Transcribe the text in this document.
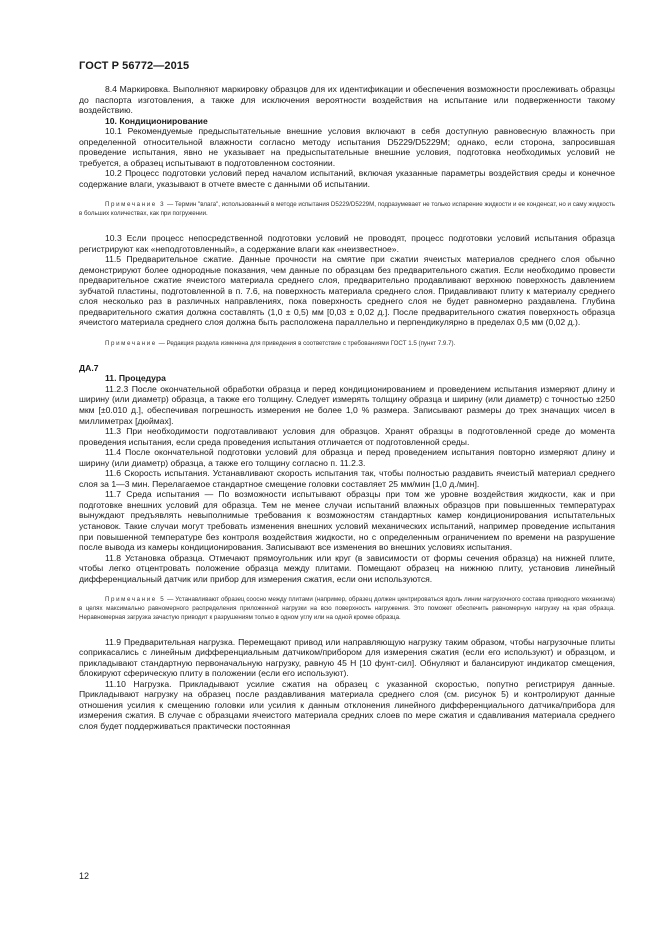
ГОСТ Р 56772—2015

8.4 Маркировка. Выполняют маркировку образцов для их идентификации и обеспечения возможности прослеживать образцы до паспорта изготовления, а также для исключения вероятности воздействия на испытание или подверженности такому воздействию.

10. Кондиционирование

10.1 Рекомендуемые предыспытательные внешние условия включают в себя доступную равновесную влажность при определенной относительной влажности согласно методу испытания D5229/D5229M; однако, если сторона, запросившая проведение испытания, явно не указывает на предыспытательные внешние условия, подготовка необходимых условий не требуется, а образец испытывают в подготовленном состоянии.

10.2 Процесс подготовки условий перед началом испытаний, включая указанные параметры воздействия среды и конечное содержание влаги, указывают в отчете вместе с данными об испытании.

Примечание 3 — Термин "влага", использованный в методе испытания D5229/D5229M, подразумевает не только испарение жидкости и ее конденсат, но и саму жидкость в больших количествах, как при погружении.

10.3 Если процесс непосредственной подготовки условий не проводят, процесс подготовки условий испытания образца регистрируют как «неподготовленный», а содержание влаги как «неизвестное».

11.5 Предварительное сжатие. Данные прочности на смятие при сжатии ячеистых материалов среднего слоя обычно демонстрируют более однородные показания, чем данные по образцам без предварительного сжатия. Если необходимо провести предварительное сжатие ячеистого материала среднего слоя, предварительно продавливают верхнюю поверхность давлением зубчатой пластины, подготовленной в п. 7.6, на поверхность материала среднего слоя. Придавливают плиту к материалу среднего слоя несколько раз в различных направлениях, пока поверхность среднего слоя не будет равномерно раздавлена. Глубина предварительного сжатия должна составлять (1,0 ± 0,5) мм [0,03 ± 0,02 д.]. После предварительного сжатия поверхность образца ячеистого материала среднего слоя должна быть расположена параллельно и перпендикулярно в пределах 0,5 мм (0,02 д.).

Примечание — Редакция раздела изменена для приведения в соответствие с требованиями ГОСТ 1.5 (пункт 7.9.7).

ДА.7
11. Процедура

11.2.3 После окончательной обработки образца и перед кондиционированием и проведением испытания измеряют длину и ширину (или диаметр) образца, а также его толщину. Следует измерять толщину образца и ширину (или диаметр) с точностью ±250 мкм [±0.010 д.], обеспечивая погрешность измерения не более 1,0 % размера. Записывают размеры до трех значащих чисел в миллиметрах [дюймах].

11.3 При необходимости подготавливают условия для образцов. Хранят образцы в подготовленной среде до момента проведения испытания, если среда проведения испытания отличается от подготовленной среды.

11.4 После окончательной подготовки условий для образца и перед проведением испытания повторно измеряют длину и ширину (или диаметр) образца, а также его толщину согласно п. 11.2.3.

11.6 Скорость испытания. Устанавливают скорость испытания так, чтобы полностью раздавить ячеистый материал среднего слоя за 1—3 мин. Перелагаемое стандартное смещение головки составляет 25 мм/мин [1,0 д./мин].

11.7 Среда испытания — По возможности испытывают образцы при том же уровне воздействия жидкости, как и при подготовке внешних условий для образца. Тем не менее случаи испытаний влажных образцов при повышенных температурах вынуждают предъявлять невыполнимые требования к возможностям стандартных камер кондиционирования испытательных установок. Такие случаи могут требовать изменения внешних условий механических испытаний, например проведение испытания при повышенной температуре без контроля воздействия жидкости, но с определенным ограничением по времени на разрушение после вывода из камеры кондиционирования. Записывают все изменения во внешних условиях испытания.

11.8 Установка образца. Отмечают прямоугольник или круг (в зависимости от формы сечения образца) на нижней плите, чтобы легко отцентровать положение образца между плитами. Помещают образец на нижнюю плиту, установив линейный дифференциальный датчик или прибор для измерения сжатия, если они используются.

Примечание 5 — Устанавливают образец соосно между плитами (например, образец должен центрироваться вдоль линии нагрузочного состава приводного механизма) в целях максимально равномерного распределения приложенной нагрузки на всю поверхность нагружения. Это поможет обеспечить равномерную нагрузку на края образца. Неравномерная загрузка зачастую приводит к разрушениям только в одном углу или на одной кромке образца.

11.9 Предварительная нагрузка. Перемещают привод или направляющую нагрузку таким образом, чтобы нагрузочные плиты соприкасались с линейным дифференциальным датчиком/прибором для измерения сжатия (если его используют) и образцом, и прикладывают стандартную первоначальную нагрузку, равную 45 Н [10 фунт-сил]. Обнуляют и балансируют индикатор смещения, блокируют сферическую плиту в положении (если его используют).

11.10 Нагрузка. Прикладывают усилие сжатия на образец с указанной скоростью, попутно регистрируя данные. Прикладывают нагрузку на образец после раздавливания материала среднего слоя (см. рисунок 5) и контролируют данные отношения усилия к смещению головки или усилия к данным отклонения линейного дифференциального датчика/прибора для измерения сжатия. В случае с образцами ячеистого материала средних слоев по мере сжатия и сдавливания материала среднего слоя будет поддерживаться практически постоянная

12
